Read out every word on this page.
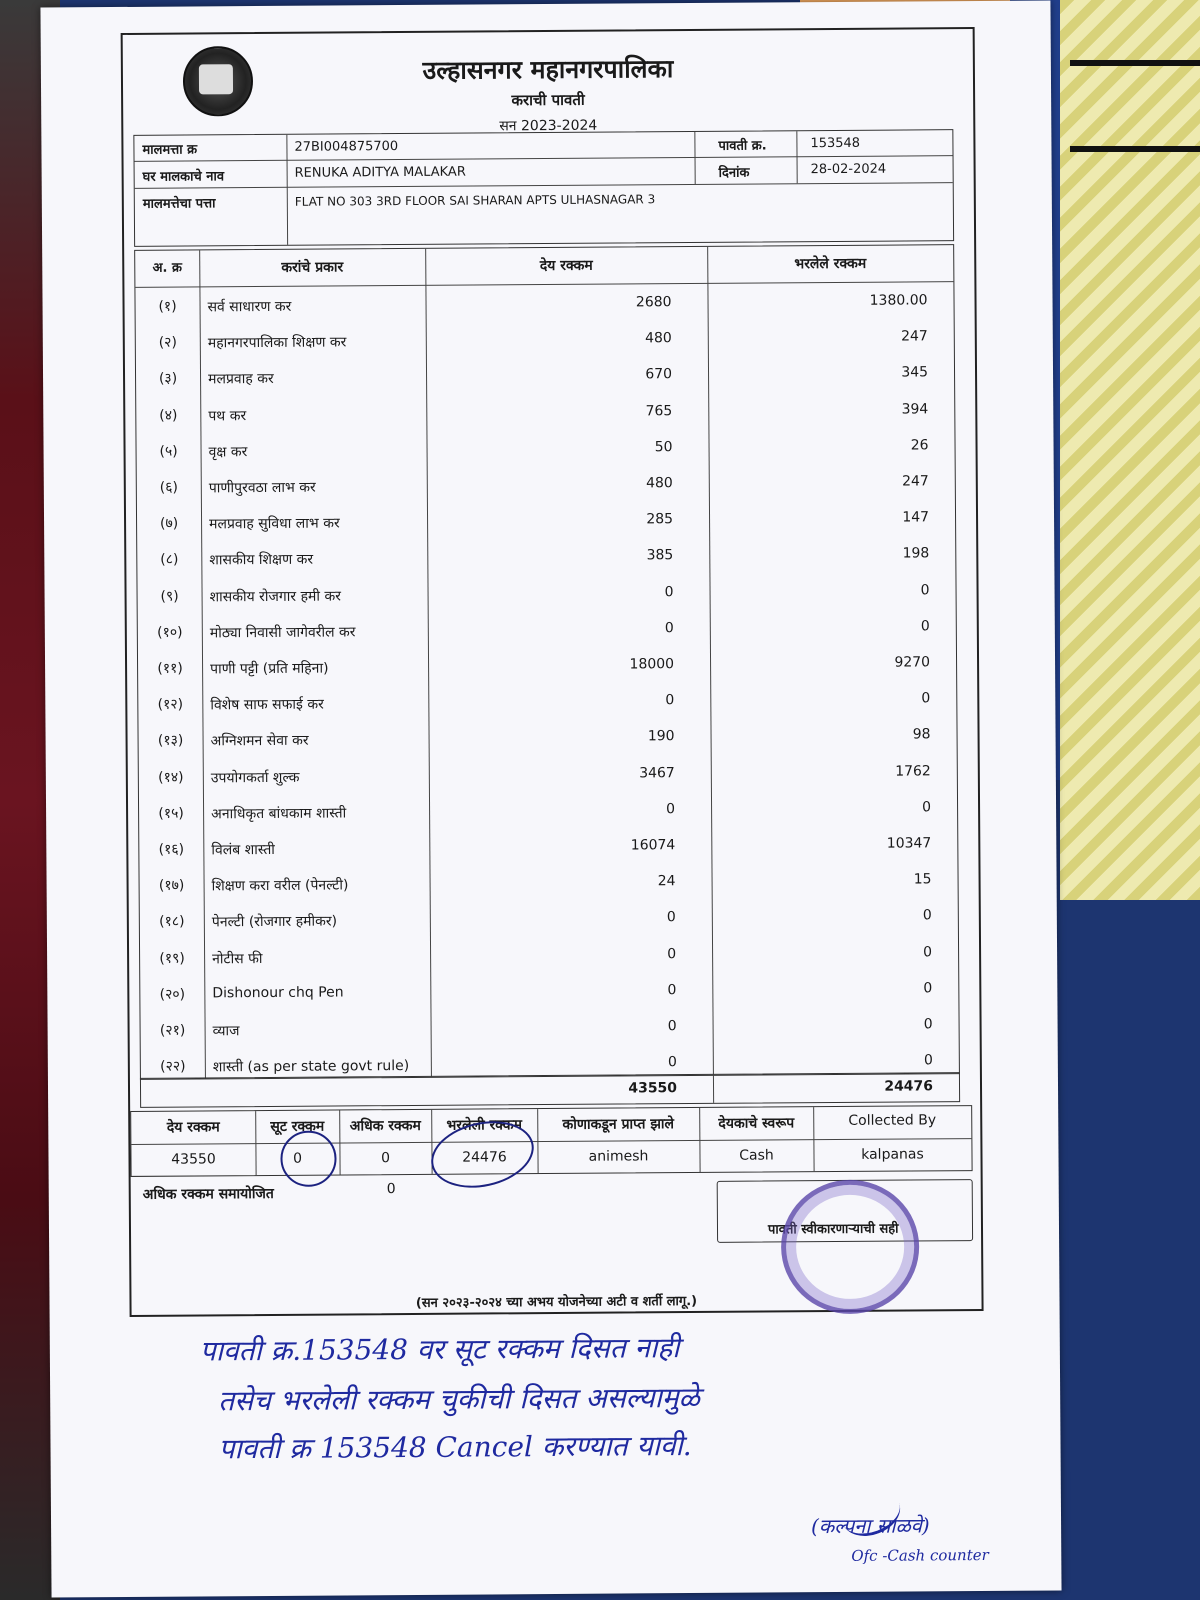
उल्हासनगर महानगरपालिका
कराची पावती
सन 2023-2024
मालमत्ता क्र	27BI004875700
घर मालकाचे नाव	RENUKA ADITYA MALAKAR
मालमत्तेचा पत्ता	FLAT NO 303 3RD FLOOR SAI SHARAN APTS ULHASNAGAR 3
पावती क्र.	153548
दिनांक	28-02-2024
अ. क्र	करांचे प्रकार	देय रक्कम	भरलेले रक्कम
(१)	सर्व साधारण कर	2680	1380.00
(२)	महानगरपालिका शिक्षण कर	480	247
(३)	मलप्रवाह कर	670	345
(४)	पथ कर	765	394
(५)	वृक्ष कर	50	26
(६)	पाणीपुरवठा लाभ कर	480	247
(७)	मलप्रवाह सुविधा लाभ कर	285	147
(८)	शासकीय शिक्षण कर	385	198
(९)	शासकीय रोजगार हमी कर	0	0
(१०)	मोठ्या निवासी जागेवरील कर	0	0
(११)	पाणी पट्टी (प्रति महिना)	18000	9270
(१२)	विशेष साफ सफाई कर	0	0
(१३)	अग्निशमन सेवा कर	190	98
(१४)	उपयोगकर्ता शुल्क	3467	1762
(१५)	अनाधिकृत बांधकाम शास्ती	0	0
(१६)	विलंब शास्ती	16074	10347
(१७)	शिक्षण करा वरील (पेनल्टी)	24	15
(१८)	पेनल्टी (रोजगार हमीकर)	0	0
(१९)	नोटीस फी	0	0
(२०)	Dishonour chq Pen	0	0
(२१)	व्याज	0	0
(२२)	शास्ती (as per state govt rule)	0	0
43550	24476
देय रक्कम	सूट रक्कम	अधिक रक्कम	भरलेली रक्कम	कोणाकडून प्राप्त झाले	देयकाचे स्वरूप	Collected By
43550	0	0	24476	animesh	Cash	kalpanas
अधिक रक्कम समायोजित	0
पावती स्वीकारणाऱ्याची सही
(सन २०२३-२०२४ च्या अभय योजनेच्या अटी व शर्ती लागू.)
पावती क्र.153548 वर सूट रक्कम दिसत नाही
तसेच भरलेली रक्कम चुकीची दिसत असल्यामुळे
पावती क्र 153548 Cancel करण्यात यावी.
(कल्पना साळवे)
Ofc -Cash counter
